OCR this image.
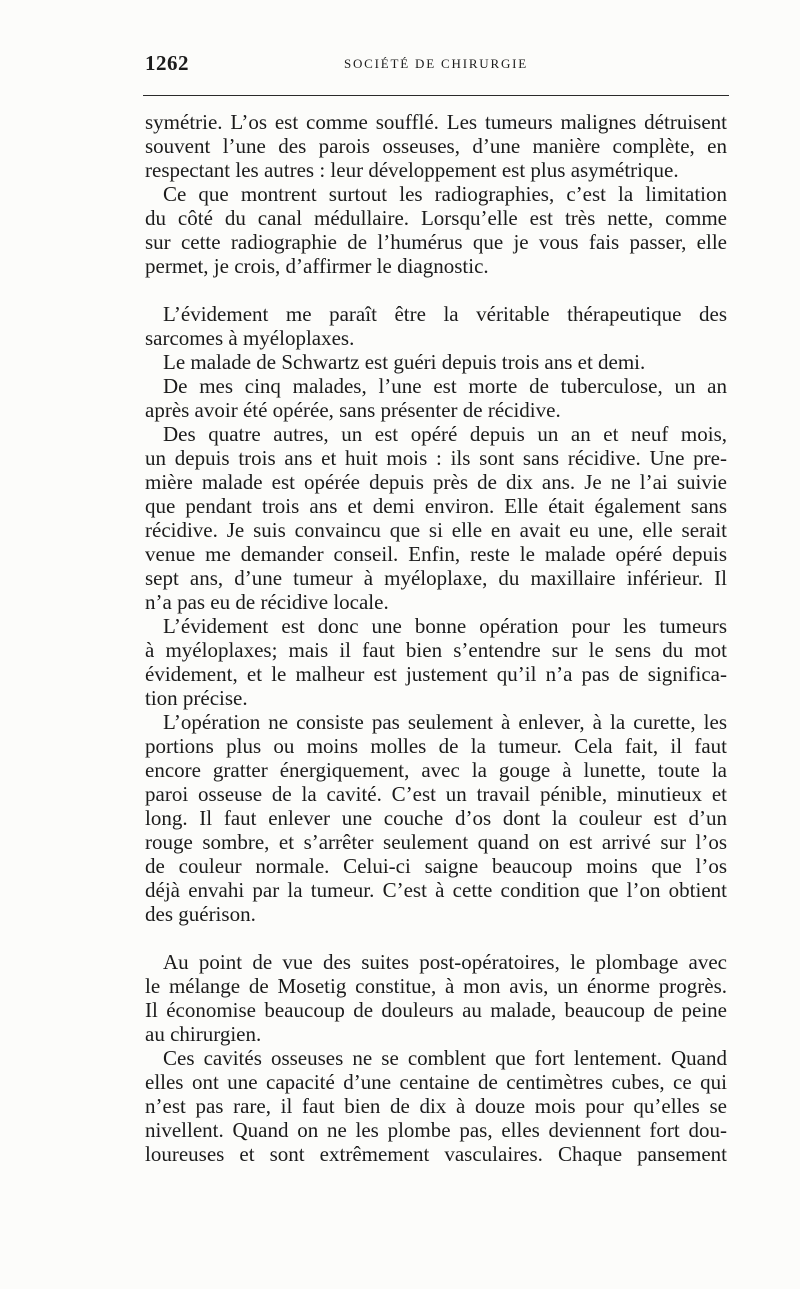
1262	SOCIÉTÉ DE CHIRURGIE
symétrie. L’os est comme soufflé. Les tumeurs malignes détruisent
souvent l’une des parois osseuses, d’une manière complète, en
respectant les autres : leur développement est plus asymétrique.
Ce que montrent surtout les radiographies, c’est la limitation
du côté du canal médullaire. Lorsqu’elle est très nette, comme
sur cette radiographie de l’humérus que je vous fais passer, elle
permet, je crois, d’affirmer le diagnostic.
L’évidement me paraît être la véritable thérapeutique des
sarcomes à myéloplaxes.
Le malade de Schwartz est guéri depuis trois ans et demi.
De mes cinq malades, l’une est morte de tuberculose, un an
après avoir été opérée, sans présenter de récidive.
Des quatre autres, un est opéré depuis un an et neuf mois,
un depuis trois ans et huit mois : ils sont sans récidive. Une pre-
mière malade est opérée depuis près de dix ans. Je ne l’ai suivie
que pendant trois ans et demi environ. Elle était également sans
récidive. Je suis convaincu que si elle en avait eu une, elle serait
venue me demander conseil. Enfin, reste le malade opéré depuis
sept ans, d’une tumeur à myéloplaxe, du maxillaire inférieur. Il
n’a pas eu de récidive locale.
L’évidement est donc une bonne opération pour les tumeurs
à myéloplaxes; mais il faut bien s’entendre sur le sens du mot
évidement, et le malheur est justement qu’il n’a pas de significa-
tion précise.
L’opération ne consiste pas seulement à enlever, à la curette, les
portions plus ou moins molles de la tumeur. Cela fait, il faut
encore gratter énergiquement, avec la gouge à lunette, toute la
paroi osseuse de la cavité. C’est un travail pénible, minutieux et
long. Il faut enlever une couche d’os dont la couleur est d’un
rouge sombre, et s’arrêter seulement quand on est arrivé sur l’os
de couleur normale. Celui-ci saigne beaucoup moins que l’os
déjà envahi par la tumeur. C’est à cette condition que l’on obtient
des guérison.
Au point de vue des suites post-opératoires, le plombage avec
le mélange de Mosetig constitue, à mon avis, un énorme progrès.
Il économise beaucoup de douleurs au malade, beaucoup de peine
au chirurgien.
Ces cavités osseuses ne se comblent que fort lentement. Quand
elles ont une capacité d’une centaine de centimètres cubes, ce qui
n’est pas rare, il faut bien de dix à douze mois pour qu’elles se
nivellent. Quand on ne les plombe pas, elles deviennent fort dou-
loureuses et sont extrêmement vasculaires. Chaque pansement
